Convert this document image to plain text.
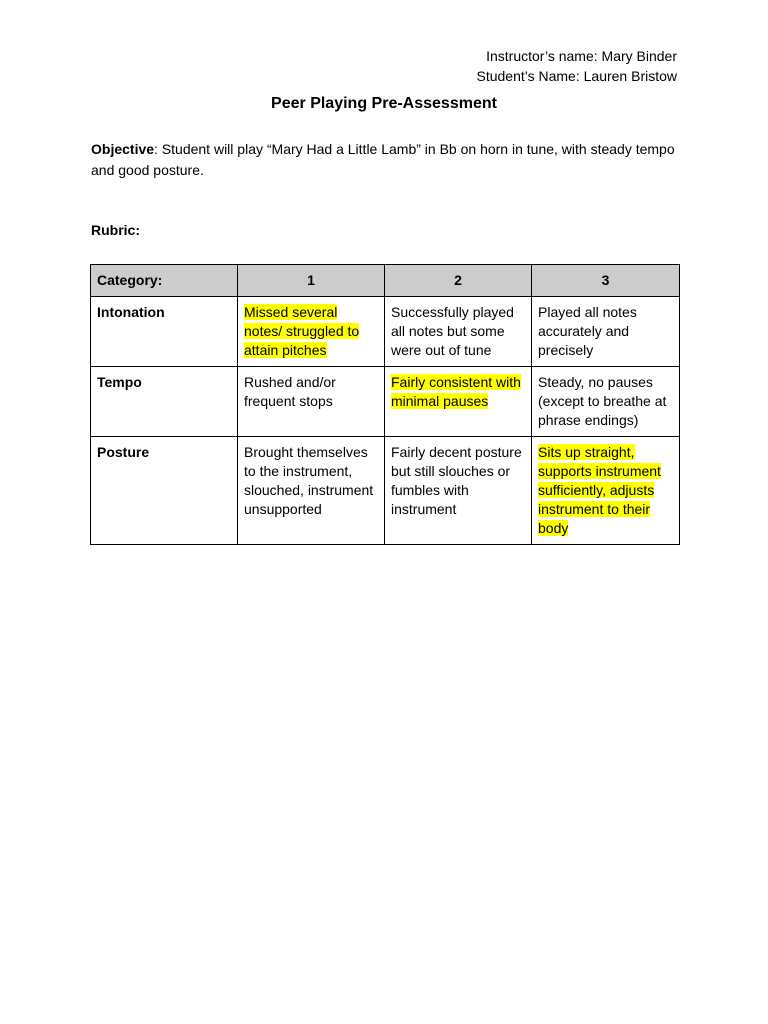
Instructor’s name: Mary Binder
Student’s Name: Lauren Bristow
Peer Playing Pre-Assessment
Objective: Student will play “Mary Had a Little Lamb” in Bb on horn in tune, with steady tempo and good posture.
Rubric:
Category:	1	2	3
Intonation	Missed several notes/ struggled to attain pitches	Successfully played all notes but some were out of tune	Played all notes accurately and precisely
Tempo	Rushed and/or frequent stops	Fairly consistent with minimal pauses	Steady, no pauses (except to breathe at phrase endings)
Posture	Brought themselves to the instrument, slouched, instrument unsupported	Fairly decent posture but still slouches or fumbles with instrument	Sits up straight, supports instrument sufficiently, adjusts instrument to their body
